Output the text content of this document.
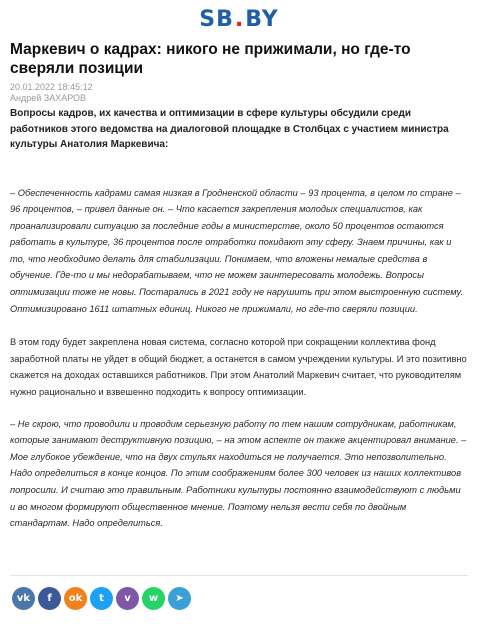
SB . BY
Маркевич о кадрах: никого не прижимали, но где-то сверяли позиции
20.01.2022 18:45:12
Андрей ЗАХАРОВ

Вопросы кадров, их качества и оптимизации в сфере культуры обсудили среди работников этого ведомства на диалоговой площадке в Столбцах с участием министра культуры Анатолия Маркевича:

– Обеспеченность кадрами самая низкая в Гродненской области – 93 процента, в целом по стране – 96 процентов, – привел данные он. – Что касается закрепления молодых специалистов, как проанализировали ситуацию за последние годы в министерстве, около 50 процентов остаются работать в культуре, 36 процентов после отработки покидают эту сферу. Знаем причины, как и то, что необходимо делать для стабилизации. Понимаем, что вложены немалые средства в обучение. Где-то и мы недорабатываем, что не можем заинтересовать молодежь. Вопросы оптимизации тоже не новы. Постарались в 2021 году не нарушить при этом выстроенную систему. Оптимизировано 1611 штатных единиц. Никого не прижимали, но где-то сверяли позиции.

В этом году будет закреплена новая система, согласно которой при сокращении коллектива фонд заработной платы не уйдет в общий бюджет, а останется в самом учреждении культуры. И это позитивно скажется на доходах оставшихся работников. При этом Анатолий Маркевич считает, что руководителям нужно рационально и взвешенно подходить к вопросу оптимизации.

– Не скрою, что проводили и проводим серьезную работу по тем нашим сотрудникам, работникам, которые занимают деструктивную позицию, – на этом аспекте он также акцентировал внимание. – Мое глубокое убеждение, что на двух стульях находиться не получается. Это непозволительно. Надо определиться в конце концов. По этим соображениям более 300 человек из наших коллективов попросили. И считаю это правильным. Работники культуры постоянно взаимодействуют с людьми и во многом формируют общественное мнение. Поэтому нельзя вести себя по двойным стандартам. Надо определиться.

vk f ok t v w ➤
